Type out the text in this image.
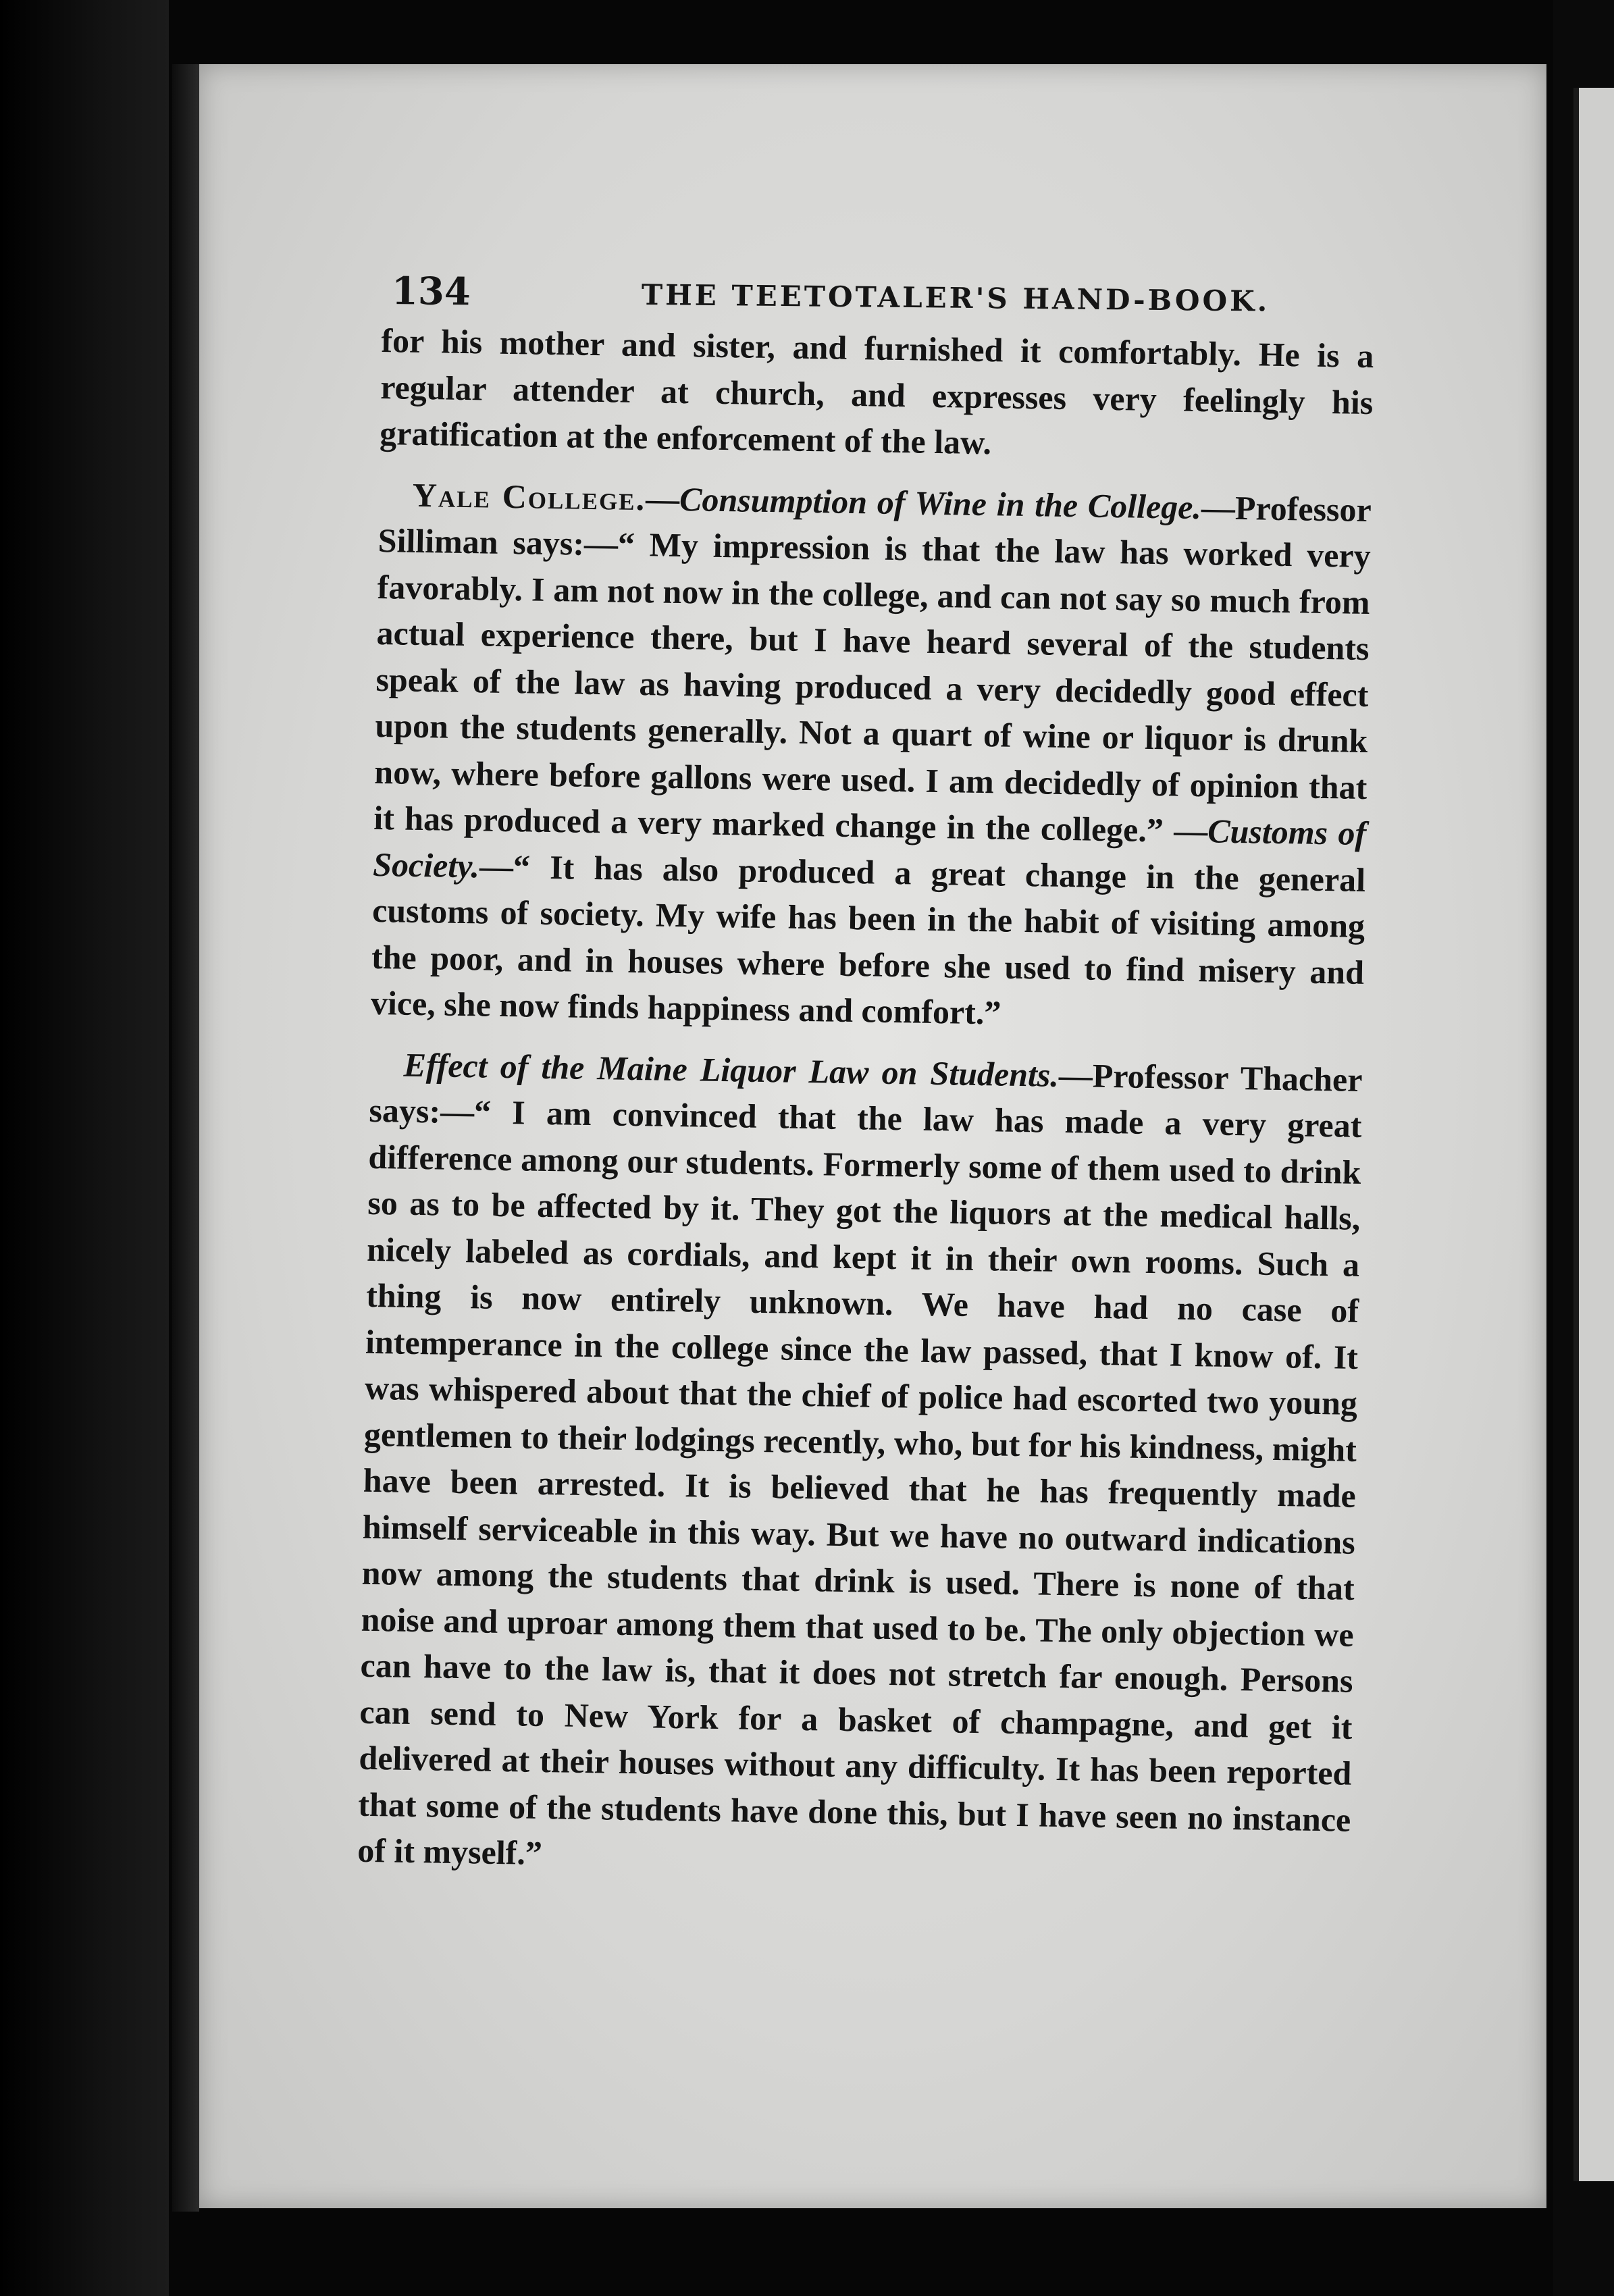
134	THE TEETOTALER'S HAND-BOOK.

for his mother and sister, and furnished it comfortably. He is a regular attender at church, and expresses very feelingly his gratification at the enforcement of the law.

Yale College.—Consumption of Wine in the College.—Professor Silliman says:—“ My impression is that the law has worked very favorably. I am not now in the college, and can not say so much from actual experience there, but I have heard several of the students speak of the law as having produced a very decidedly good effect upon the students generally. Not a quart of wine or liquor is drunk now, where before gallons were used. I am decidedly of opinion that it has produced a very marked change in the college.” —Customs of Society.—“ It has also produced a great change in the general customs of society. My wife has been in the habit of visiting among the poor, and in houses where before she used to find misery and vice, she now finds happiness and comfort.”

Effect of the Maine Liquor Law on Students.—Professor Thacher says:—“ I am convinced that the law has made a very great difference among our students. Formerly some of them used to drink so as to be affected by it. They got the liquors at the medical halls, nicely labeled as cordials, and kept it in their own rooms. Such a thing is now entirely unknown. We have had no case of intemperance in the college since the law passed, that I know of. It was whispered about that the chief of police had escorted two young gentlemen to their lodgings recently, who, but for his kindness, might have been arrested. It is believed that he has frequently made himself serviceable in this way. But we have no outward indications now among the students that drink is used. There is none of that noise and uproar among them that used to be. The only objection we can have to the law is, that it does not stretch far enough. Persons can send to New York for a basket of champagne, and get it delivered at their houses without any difficulty. It has been reported that some of the students have done this, but I have seen no instance of it myself.”
